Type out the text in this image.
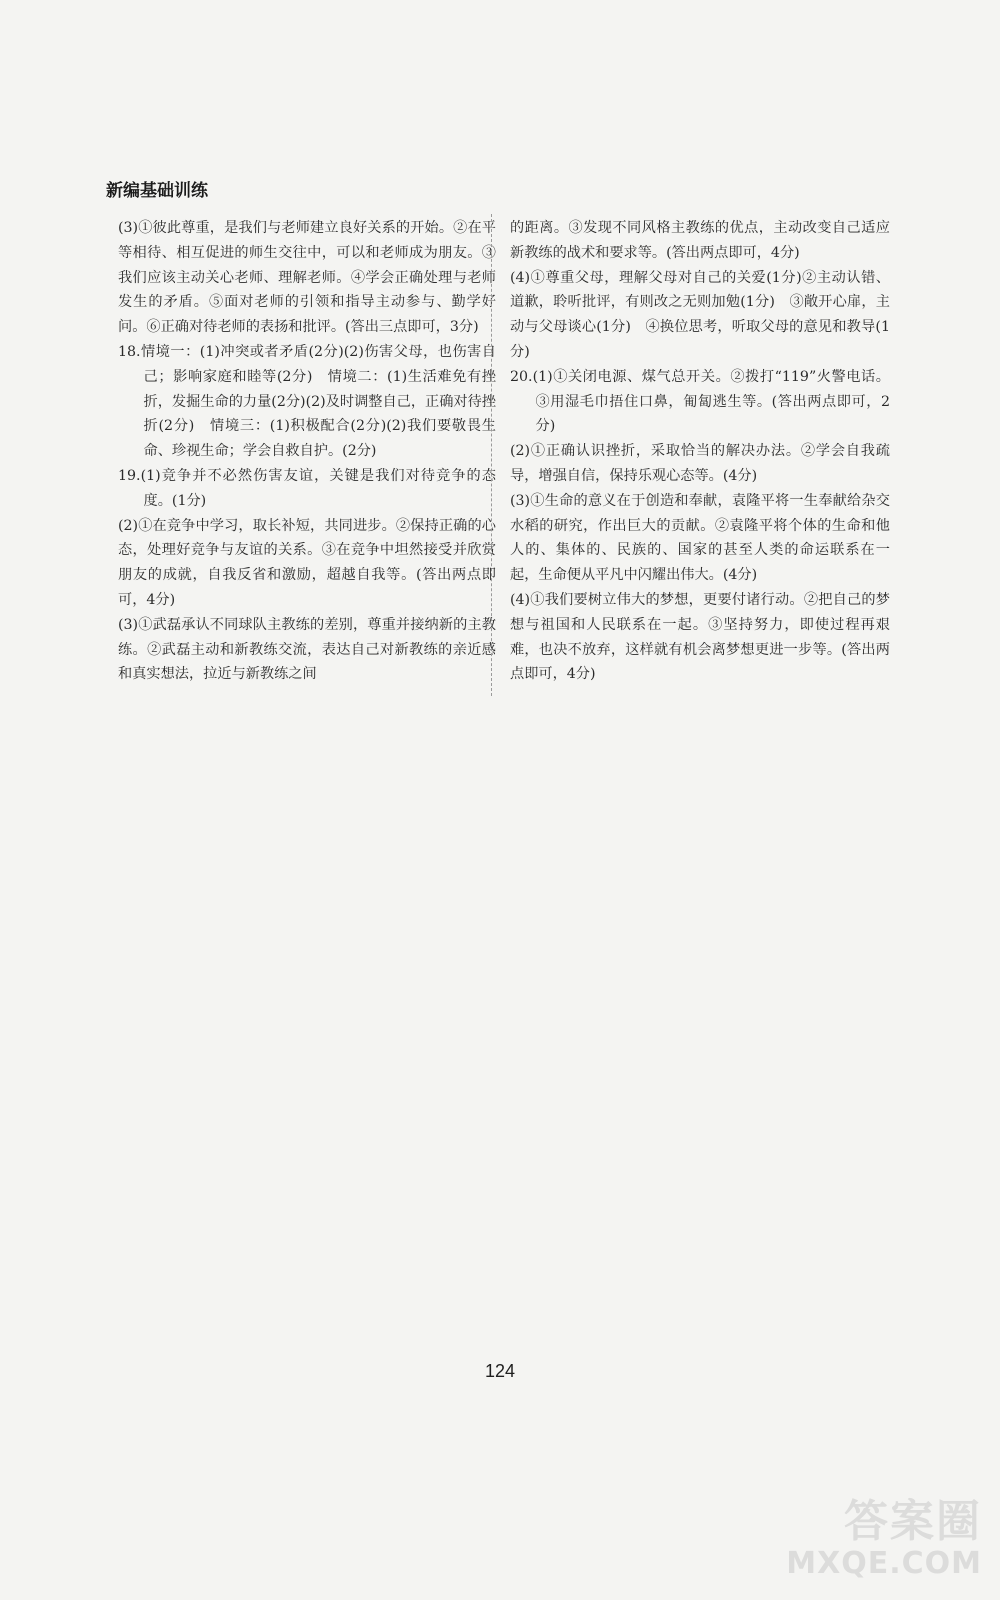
新编基础训练

(3)①彼此尊重，是我们与老师建立良好关系的开始。②在平等相待、相互促进的师生交往中，可以和老师成为朋友。③我们应该主动关心老师、理解老师。④学会正确处理与老师发生的矛盾。⑤面对老师的引领和指导主动参与、勤学好问。⑥正确对待老师的表扬和批评。(答出三点即可，3分)

18.情境一：(1)冲突或者矛盾(2分)(2)伤害父母，也伤害自己；影响家庭和睦等(2分)　情境二：(1)生活难免有挫折，发掘生命的力量(2分)(2)及时调整自己，正确对待挫折(2分)　情境三：(1)积极配合(2分)(2)我们要敬畏生命、珍视生命；学会自救自护。(2分)

19.(1)竞争并不必然伤害友谊，关键是我们对待竞争的态度。(1分)

(2)①在竞争中学习，取长补短，共同进步。②保持正确的心态，处理好竞争与友谊的关系。③在竞争中坦然接受并欣赏朋友的成就，自我反省和激励，超越自我等。(答出两点即可，4分)

(3)①武磊承认不同球队主教练的差别，尊重并接纳新的主教练。②武磊主动和新教练交流，表达自己对新教练的亲近感和真实想法，拉近与新教练之间

的距离。③发现不同风格主教练的优点，主动改变自己适应新教练的战术和要求等。(答出两点即可，4分)

(4)①尊重父母，理解父母对自己的关爱(1分)②主动认错、道歉，聆听批评，有则改之无则加勉(1分)　③敞开心扉，主动与父母谈心(1分)　④换位思考，听取父母的意见和教导(1分)

20.(1)①关闭电源、煤气总开关。②拨打“119”火警电话。③用湿毛巾捂住口鼻，匍匐逃生等。(答出两点即可，2分)

(2)①正确认识挫折，采取恰当的解决办法。②学会自我疏导，增强自信，保持乐观心态等。(4分)

(3)①生命的意义在于创造和奉献，袁隆平将一生奉献给杂交水稻的研究，作出巨大的贡献。②袁隆平将个体的生命和他人的、集体的、民族的、国家的甚至人类的命运联系在一起，生命便从平凡中闪耀出伟大。(4分)

(4)①我们要树立伟大的梦想，更要付诸行动。②把自己的梦想与祖国和人民联系在一起。③坚持努力，即使过程再艰难，也决不放弃，这样就有机会离梦想更进一步等。(答出两点即可，4分)

124
答案圈
MXQE.COM
